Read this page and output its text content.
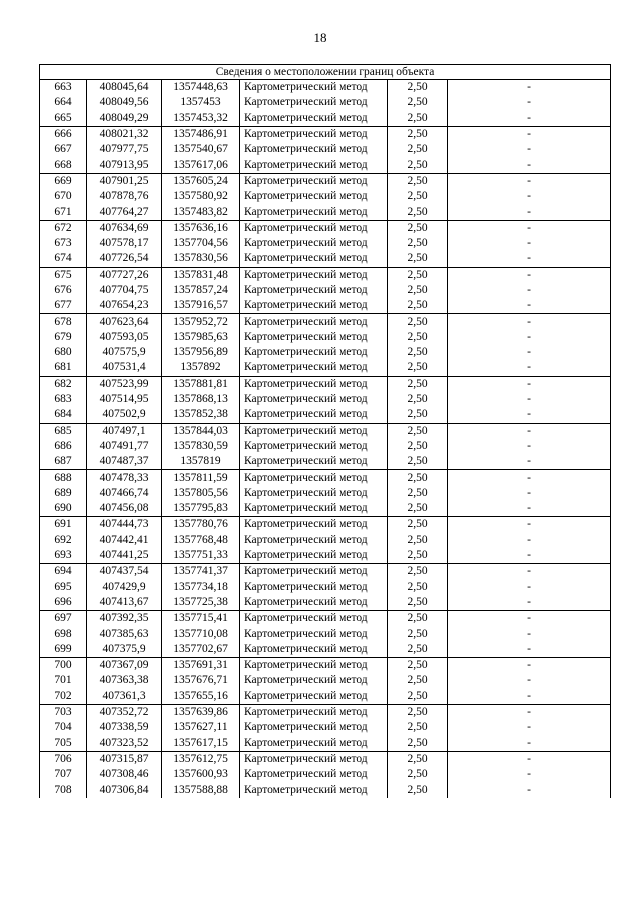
18
Сведения о местоположении границ объекта					
663	408045,64	1357448,63	Картометрический метод	2,50	-
664	408049,56	1357453	Картометрический метод	2,50	-
665	408049,29	1357453,32	Картометрический метод	2,50	-
666	408021,32	1357486,91	Картометрический метод	2,50	-
667	407977,75	1357540,67	Картометрический метод	2,50	-
668	407913,95	1357617,06	Картометрический метод	2,50	-
669	407901,25	1357605,24	Картометрический метод	2,50	-
670	407878,76	1357580,92	Картометрический метод	2,50	-
671	407764,27	1357483,82	Картометрический метод	2,50	-
672	407634,69	1357636,16	Картометрический метод	2,50	-
673	407578,17	1357704,56	Картометрический метод	2,50	-
674	407726,54	1357830,56	Картометрический метод	2,50	-
675	407727,26	1357831,48	Картометрический метод	2,50	-
676	407704,75	1357857,24	Картометрический метод	2,50	-
677	407654,23	1357916,57	Картометрический метод	2,50	-
678	407623,64	1357952,72	Картометрический метод	2,50	-
679	407593,05	1357985,63	Картометрический метод	2,50	-
680	407575,9	1357956,89	Картометрический метод	2,50	-
681	407531,4	1357892	Картометрический метод	2,50	-
682	407523,99	1357881,81	Картометрический метод	2,50	-
683	407514,95	1357868,13	Картометрический метод	2,50	-
684	407502,9	1357852,38	Картометрический метод	2,50	-
685	407497,1	1357844,03	Картометрический метод	2,50	-
686	407491,77	1357830,59	Картометрический метод	2,50	-
687	407487,37	1357819	Картометрический метод	2,50	-
688	407478,33	1357811,59	Картометрический метод	2,50	-
689	407466,74	1357805,56	Картометрический метод	2,50	-
690	407456,08	1357795,83	Картометрический метод	2,50	-
691	407444,73	1357780,76	Картометрический метод	2,50	-
692	407442,41	1357768,48	Картометрический метод	2,50	-
693	407441,25	1357751,33	Картометрический метод	2,50	-
694	407437,54	1357741,37	Картометрический метод	2,50	-
695	407429,9	1357734,18	Картометрический метод	2,50	-
696	407413,67	1357725,38	Картометрический метод	2,50	-
697	407392,35	1357715,41	Картометрический метод	2,50	-
698	407385,63	1357710,08	Картометрический метод	2,50	-
699	407375,9	1357702,67	Картометрический метод	2,50	-
700	407367,09	1357691,31	Картометрический метод	2,50	-
701	407363,38	1357676,71	Картометрический метод	2,50	-
702	407361,3	1357655,16	Картометрический метод	2,50	-
703	407352,72	1357639,86	Картометрический метод	2,50	-
704	407338,59	1357627,11	Картометрический метод	2,50	-
705	407323,52	1357617,15	Картометрический метод	2,50	-
706	407315,87	1357612,75	Картометрический метод	2,50	-
707	407308,46	1357600,93	Картометрический метод	2,50	-
708	407306,84	1357588,88	Картометрический метод	2,50	-
